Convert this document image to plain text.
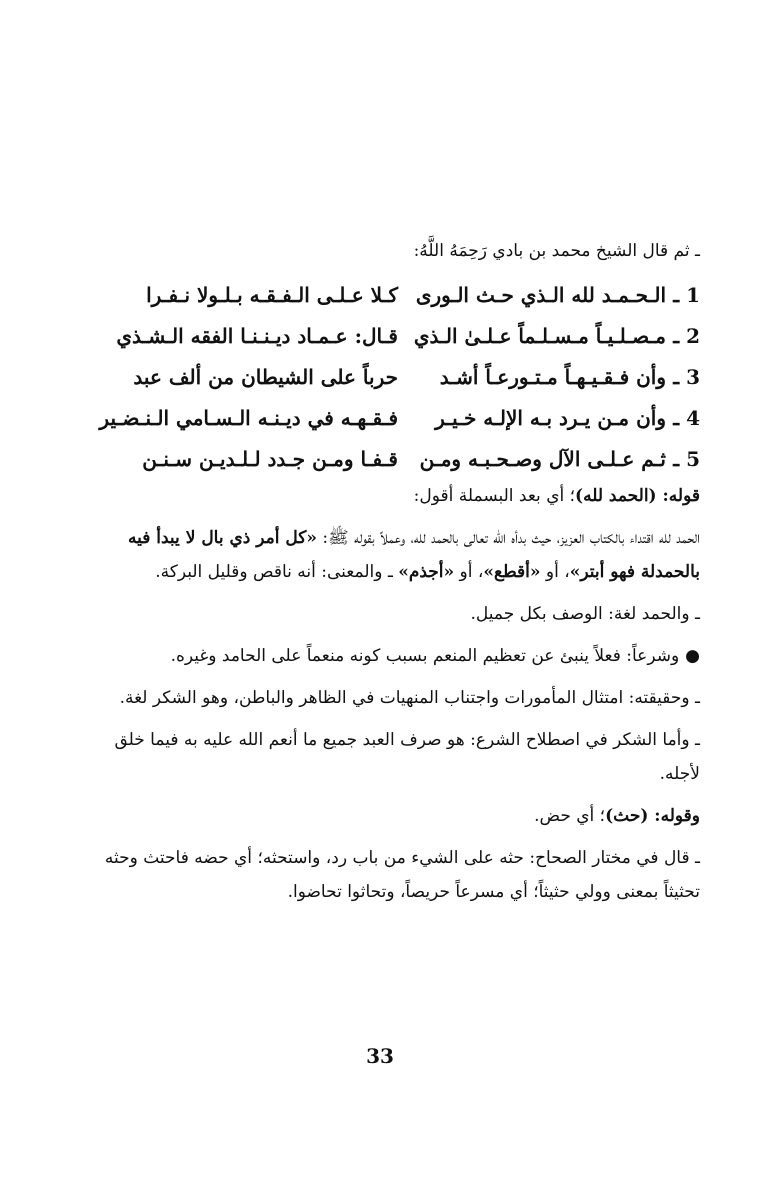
ـ ثم قال الشيخ محمد بن بادي رَحِمَهُ اللَّهُ:

1 ـ
الـحـمـد لله الـذي حـث الـورى
كـلا عـلـى الـفـقـه بـلـولا نـفـرا
2 ـ
مـصـلـيـاً مـسـلـماً عـلـىٰ الـذي
قـال: عـمـاد ديـنـنـا الفقه الـشـذي
3 ـ
وأن فـقـيـهـاً مـتـورعـاً أشـد
حرباً على الشيطان من ألف عبد
4 ـ
وأن مـن يـرد بـه الإلـه خـيـر
فـقـهـه في ديـنـه الـسـامي الـنـضـير
5 ـ
ثـم عـلـى الآل وصـحـبـه ومـن
قـفـا ومـن جـدد لـلـديـن سـنـن

قوله: (الحمد لله)؛ أي بعد البسملة أقول:

الحمد لله اقتداء بالكتاب العزيز، حيث بدأه الله تعالى بالحمد لله، وعملاً بقوله ﷺ: «كل أمر ذي بال لا يبدأ فيه بالحمدلة فهو أبتر»، أو «أقطع»، أو «أجذم» ـ والمعنى: أنه ناقص وقليل البركة.

ـ والحمد لغة: الوصف بكل جميل.

●وشرعاً: فعلاً ينبئ عن تعظيم المنعم بسبب كونه منعماً على الحامد وغيره.

ـ وحقيقته: امتثال المأمورات واجتناب المنهيات في الظاهر والباطن، وهو الشكر لغة.

ـ وأما الشكر في اصطلاح الشرع: هو صرف العبد جميع ما أنعم الله عليه به فيما خلق لأجله.

وقوله: (حث)؛ أي حض.

ـ قال في مختار الصحاح: حثه على الشيء من باب رد، واستحثه؛ أي حضه فاحتث وحثه تحثيثاً بمعنى وولي حثيثاً؛ أي مسرعاً حريصاً، وتحاثوا تحاضوا.

33
